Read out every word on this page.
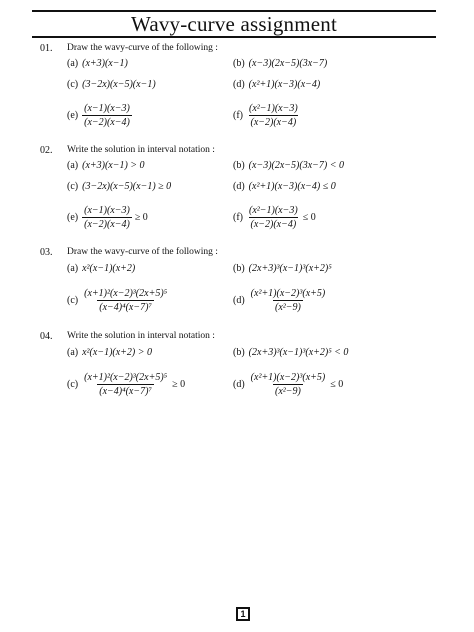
Wavy-curve assignment
01. Draw the wavy-curve of the following :
(a) (x+3)(x−1)	(b) (x−3)(2x−5)(3x−7)
(c) (3−2x)(x−5)(x−1)	(d) (x²+1)(x−3)(x−4)
$(e) \frac{(x-1)(x-3)}{(x-2)(x-4)}$	$(f) \frac{\text{(x²−1)(x−3)}}{(x-2)(x-4)}$
02. Write the solution in interval notation :
(a) (x+3)(x−1) > 0	(b) (x−3)(2x−5)(3x−7) < 0
(c) (3−2x)(x−5)(x−1) ≥ 0	(d) (x²+1)(x−3)(x−4) ≤ 0
$(e) \frac{(x-1)(x-3)}{(x-2)(x-4)} \ge 0$	$(f) \frac{\text{(x²−1)(x−3)}}{(x-2)(x-4)} \le 0$
03. Draw the wavy-curve of the following :
(a) x²(x−1)(x+2)	(b) (2x+3)³(x−1)³(x+2)⁵
$(c) \frac{\text{(x+1)²(x−2)³(2x+5)⁵}}{\text{(x−4)⁴(x−7)⁷}}$	$(d) \frac{\text{(x²+1)(x−2)³(x+5)}}{\text{(x²−9)}}$
04. Write the solution in interval notation :
(a) x²(x−1)(x+2) > 0	(b) (2x+3)³(x−1)³(x+2)⁵ < 0
$(c) \frac{\text{(x+1)²(x−2)³(2x+5)⁵}}{\text{(x−4)⁴(x−7)⁷}} \ge 0$	$(d) \frac{\text{(x²+1)(x−2)³(x+5)}}{\text{(x²−9)}} \le 0$
1
